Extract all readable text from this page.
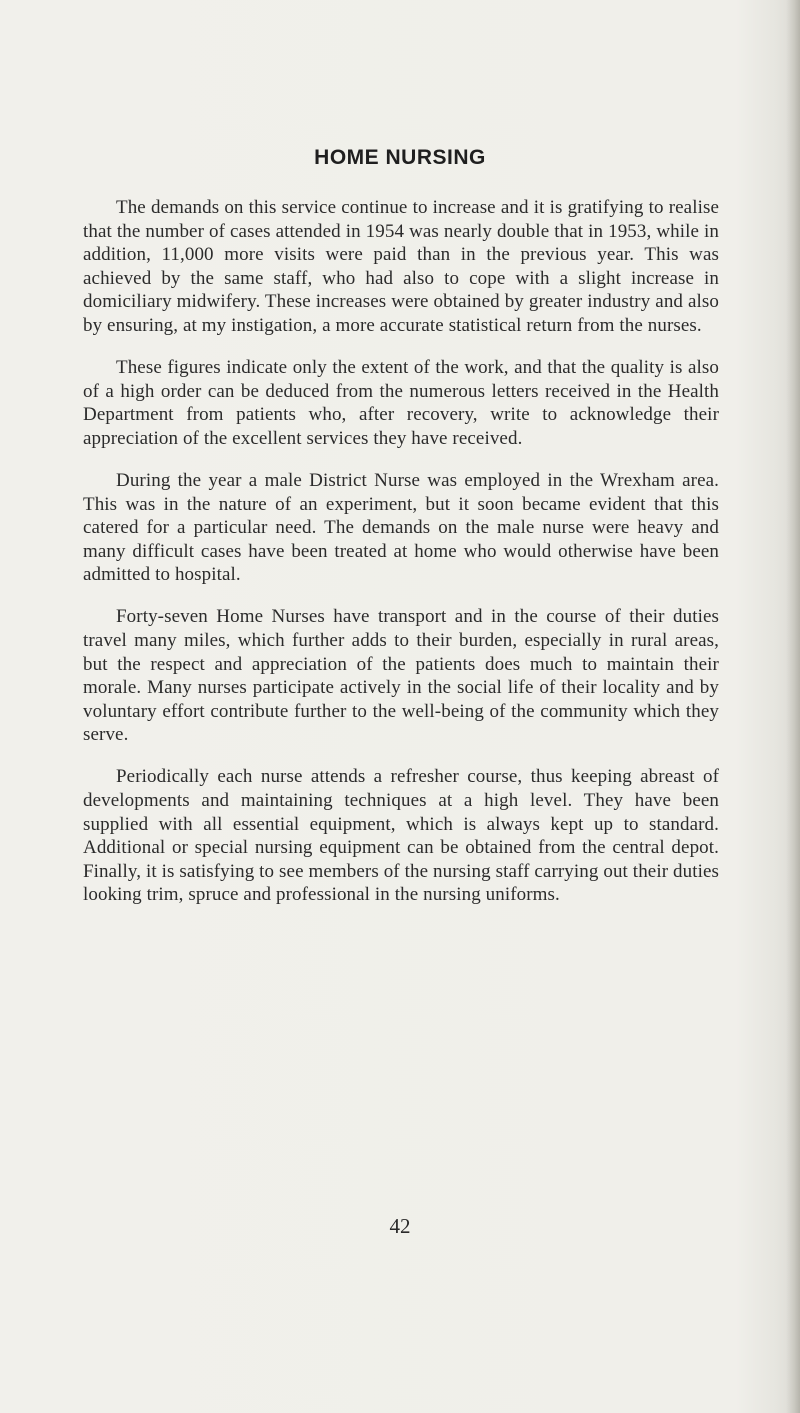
HOME NURSING

The demands on this service continue to increase and it is gratifying to realise that the number of cases attended in 1954 was nearly double that in 1953, while in addition, 11,000 more visits were paid than in the previous year. This was achieved by the same staff, who had also to cope with a slight increase in domiciliary midwifery. These increases were obtained by greater industry and also by ensuring, at my instigation, a more accurate statistical return from the nurses.

These figures indicate only the extent of the work, and that the quality is also of a high order can be deduced from the numerous letters received in the Health Department from patients who, after recovery, write to acknowledge their appreciation of the excellent services they have received.

During the year a male District Nurse was employed in the Wrexham area. This was in the nature of an experiment, but it soon became evident that this catered for a particular need. The demands on the male nurse were heavy and many difficult cases have been treated at home who would otherwise have been admitted to hospital.

Forty-seven Home Nurses have transport and in the course of their duties travel many miles, which further adds to their burden, especially in rural areas, but the respect and appreciation of the patients does much to maintain their morale. Many nurses participate actively in the social life of their locality and by voluntary effort contribute further to the well-being of the community which they serve.

Periodically each nurse attends a refresher course, thus keeping abreast of developments and maintaining techniques at a high level. They have been supplied with all essential equipment, which is always kept up to standard. Additional or special nursing equipment can be obtained from the central depot. Finally, it is satisfying to see members of the nursing staff carrying out their duties looking trim, spruce and professional in the nursing uniforms.

42
